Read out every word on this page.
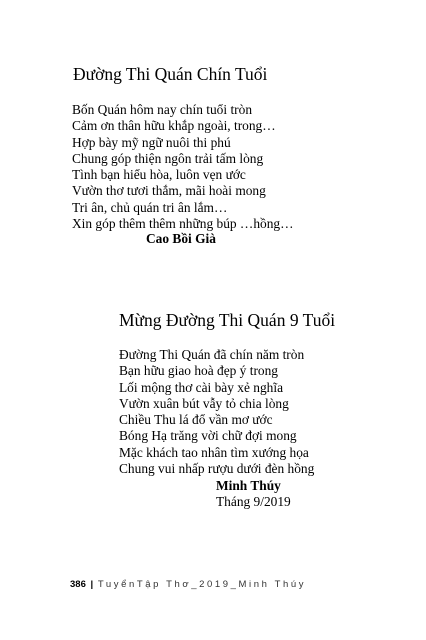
Đường Thi Quán Chín Tuổi
Bốn Quán hôm nay chín tuổi tròn
Cảm ơn thân hữu khắp ngoài, trong…
Hợp bày mỹ ngữ nuôi thi phú
Chung góp thiện ngôn trải tấm lòng
Tình bạn hiểu hòa, luôn vẹn ước
Vườn thơ tươi thắm, mãi hoài mong
Tri ân, chủ quán tri ân lắm…
Xin góp thêm thêm những búp …hồng…
Cao Bồi Già
Mừng Đường Thi Quán 9 Tuổi
Đường Thi Quán đã chín năm tròn
Bạn hữu giao hoà đẹp ý trong
Lối mộng thơ cài bày xẻ nghĩa
Vườn xuân bút vẫy tỏ chia lòng
Chiều Thu lá đổ vần mơ ước
Bóng Hạ trăng vời chữ đợi mong
Mặc khách tao nhân tìm xướng họa
Chung vui nhấp rượu dưới đèn hồng
Minh Thúy
Tháng 9/2019
386 | TuyểnTập Thơ_2019_Minh Thúy
